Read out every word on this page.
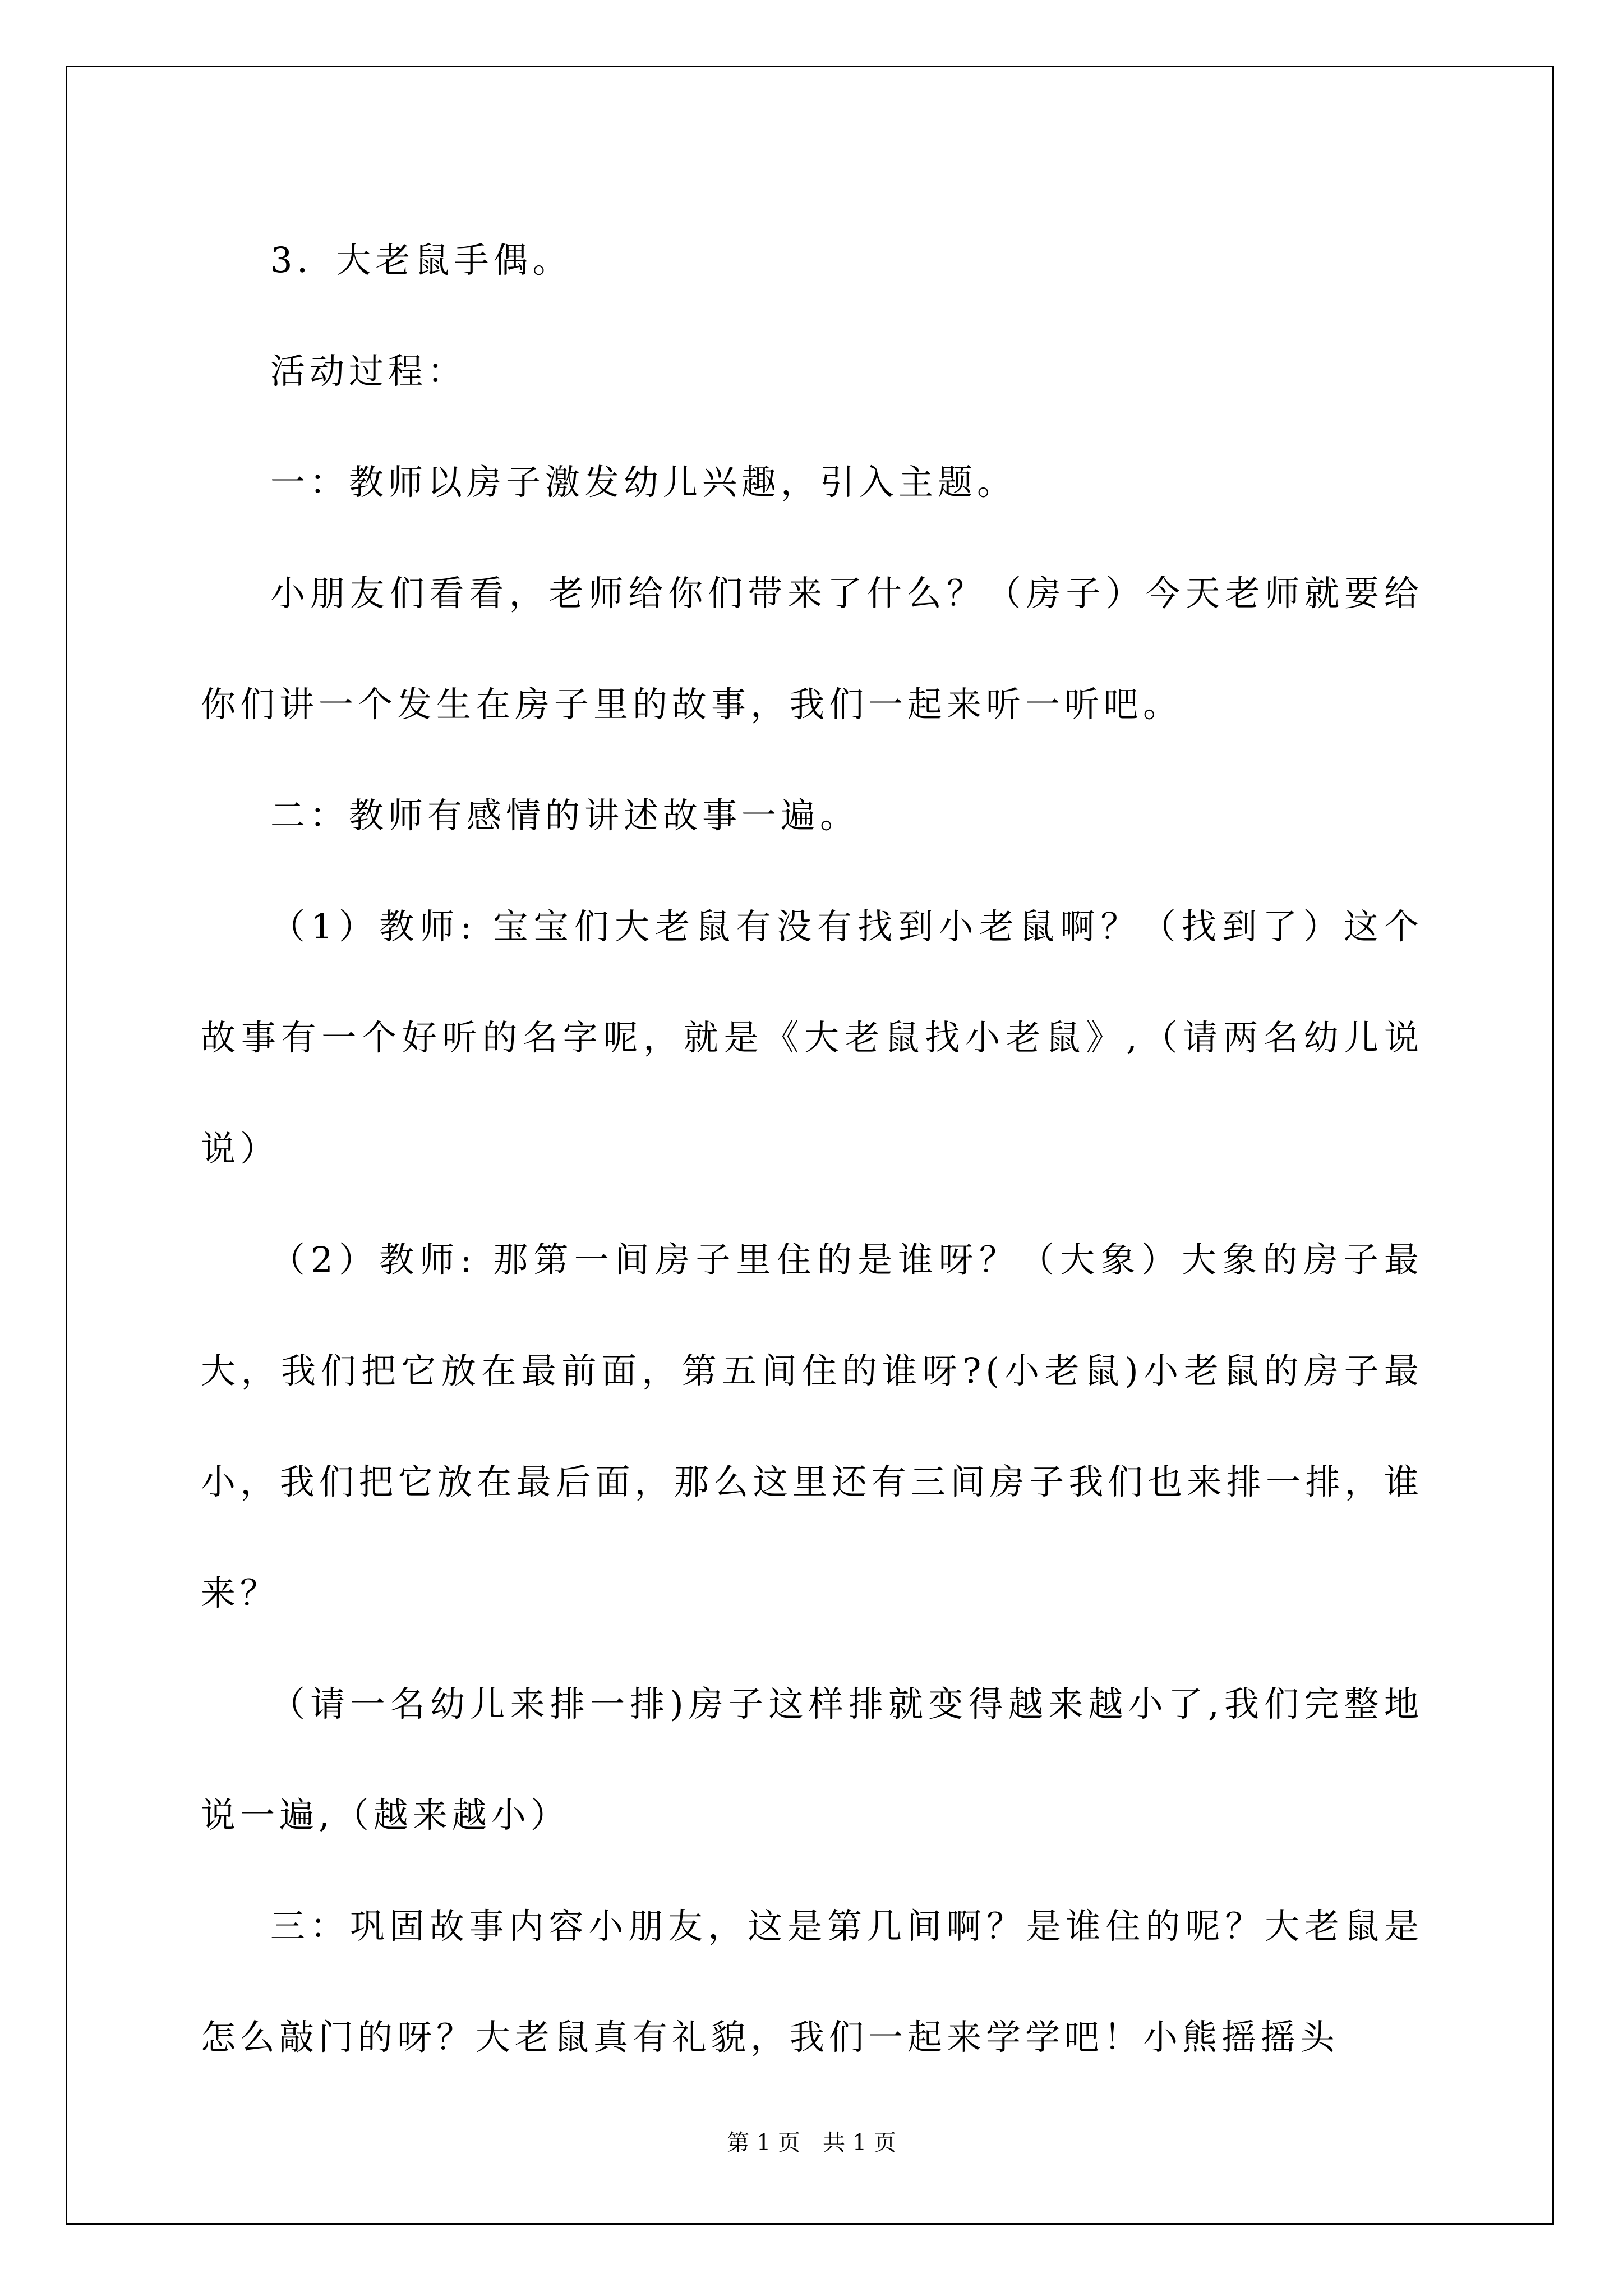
3．大老鼠手偶。

活动过程：

一：教师以房子激发幼儿兴趣，引入主题。

小朋友们看看，老师给你们带来了什么？（房子）今天老师就要给你们讲一个发生在房子里的故事，我们一起来听一听吧。

二：教师有感情的讲述故事一遍。

（1）教师: 宝宝们大老鼠有没有找到小老鼠啊？（找到了）这个故事有一个好听的名字呢，就是《大老鼠找小老鼠》,（请两名幼儿说说）

（2）教师: 那第一间房子里住的是谁呀？（大象）大象的房子最大，我们把它放在最前面，第五间住的谁呀?(小老鼠)小老鼠的房子最小，我们把它放在最后面，那么这里还有三间房子我们也来排一排，谁来？

（请一名幼儿来排一排)房子这样排就变得越来越小了,我们完整地说一遍,（越来越小）

三：巩固故事内容小朋友，这是第几间啊？是谁住的呢？大老鼠是怎么敲门的呀？大老鼠真有礼貌，我们一起来学学吧！小熊摇摇头

第 1 页　共 1 页
